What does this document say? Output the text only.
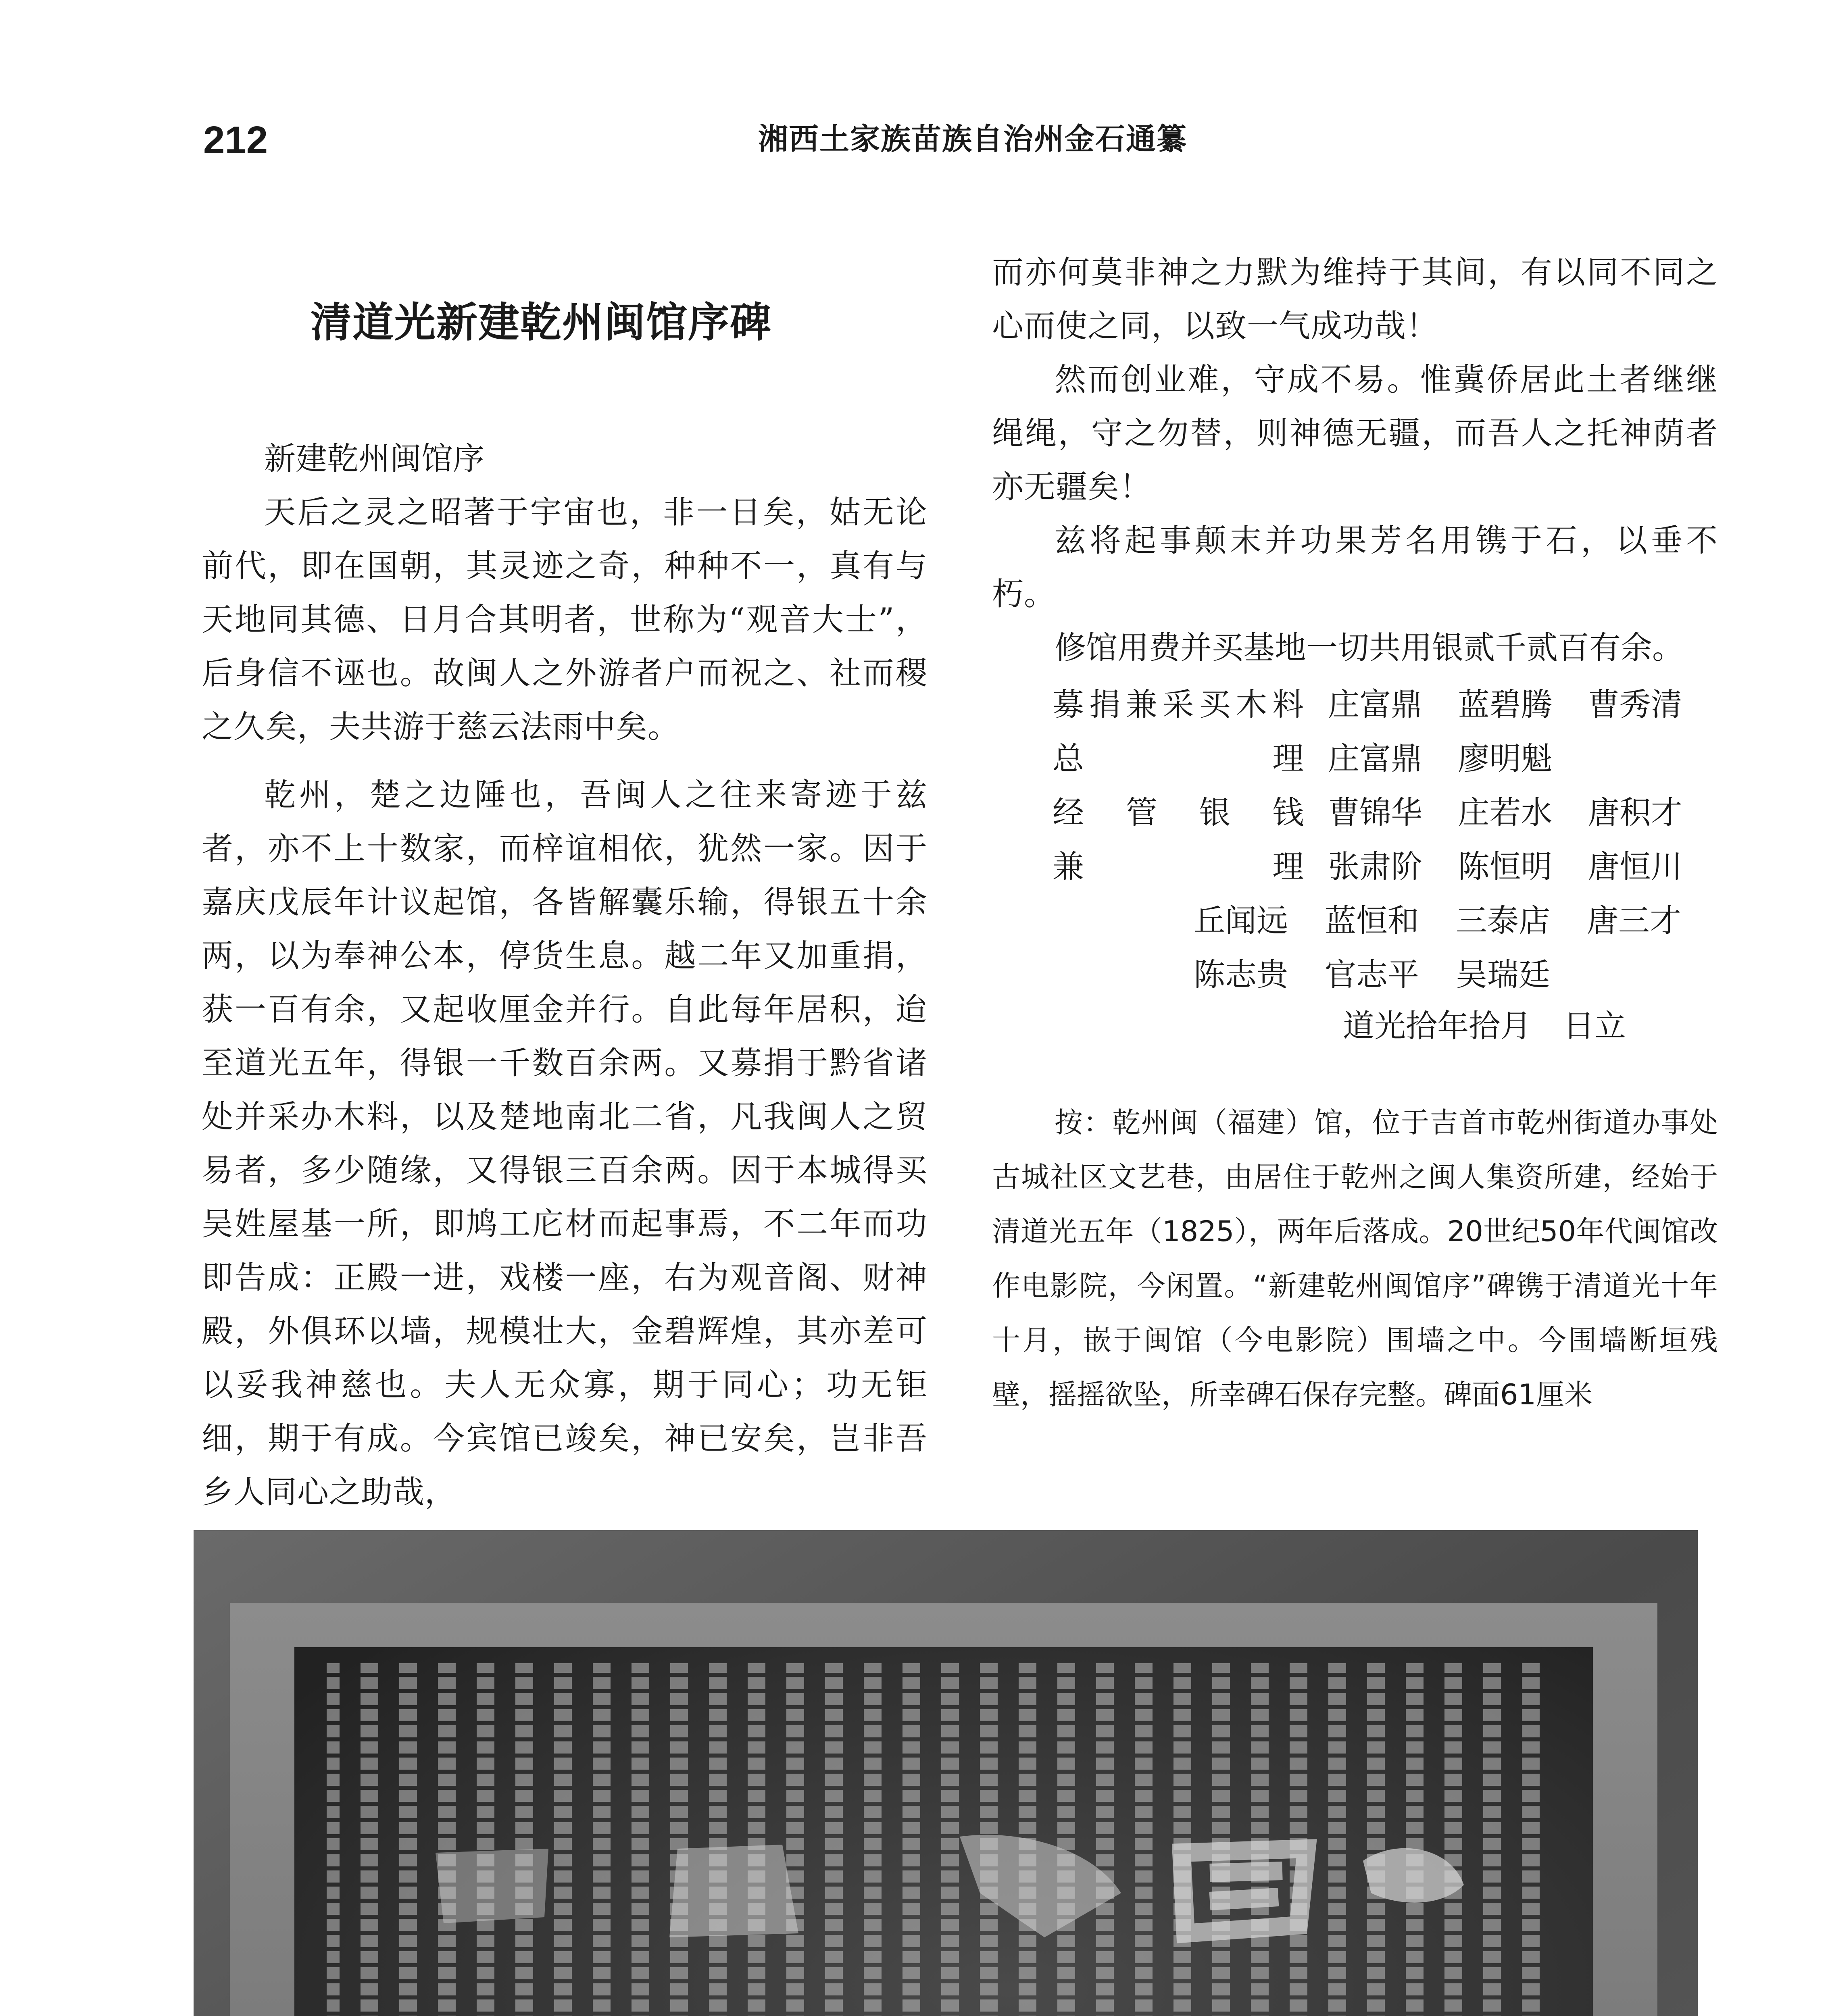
212	湘西土家族苗族自治州金石通纂
清道光新建乾州闽馆序碑

新建乾州闽馆序

天后之灵之昭著于宇宙也，非一日矣，姑无论前代，即在国朝，其灵迹之奇，种种不一，真有与天地同其德、日月合其明者，世称为“观音大士”，后身信不诬也。故闽人之外游者户而祝之、社而稷之久矣，夫共游于慈云法雨中矣。

乾州，楚之边陲也，吾闽人之往来寄迹于兹者，亦不上十数家，而梓谊相依，犹然一家。因于嘉庆戊辰年计议起馆，各皆解囊乐输，得银五十余两，以为奉神公本，停货生息。越二年又加重捐，获一百有余，又起收厘金并行。自此每年居积，迨至道光五年，得银一千数百余两。又募捐于黔省诸处并采办木料，以及楚地南北二省，凡我闽人之贸易者，多少随缘，又得银三百余两。因于本城得买吴姓屋基一所，即鸠工庀材而起事焉，不二年而功即告成：正殿一进，戏楼一座，右为观音阁、财神殿，外俱环以墙，规模壮大，金碧辉煌，其亦差可以妥我神慈也。夫人无众寡，期于同心；功无钜细，期于有成。今宾馆已竣矣，神已安矣，岂非吾乡人同心之助哉，

而亦何莫非神之力默为维持于其间，有以同不同之心而使之同，以致一气成功哉！

然而创业难，守成不易。惟冀侨居此土者继继绳绳，守之勿替，则神德无疆，而吾人之托神荫者亦无疆矣！

兹将起事颠末并功果芳名用镌于石，以垂不朽。

修馆用费并买基地一切共用银贰千贰百有余。

募捐兼采买木料	庄富鼎	蓝碧腾	曹秀清
总理	庄富鼎	廖明魁	
经管银钱	曹锦华	庄若水	唐积才
兼理	张肃阶	陈恒明	唐恒川
丘闻远	蓝恒和	三泰店	唐三才
陈志贵	官志平	吴瑞廷	

道光拾年拾月　日立

按：乾州闽（福建）馆，位于吉首市乾州街道办事处古城社区文艺巷，由居住于乾州之闽人集资所建，经始于清道光五年（1825），两年后落成。20世纪50年代闽馆改作电影院，今闲置。“新建乾州闽馆序”碑镌于清道光十年十月，嵌于闽馆（今电影院）围墙之中。今围墙断垣残壁，摇摇欲坠，所幸碑石保存完整。碑面61厘米
